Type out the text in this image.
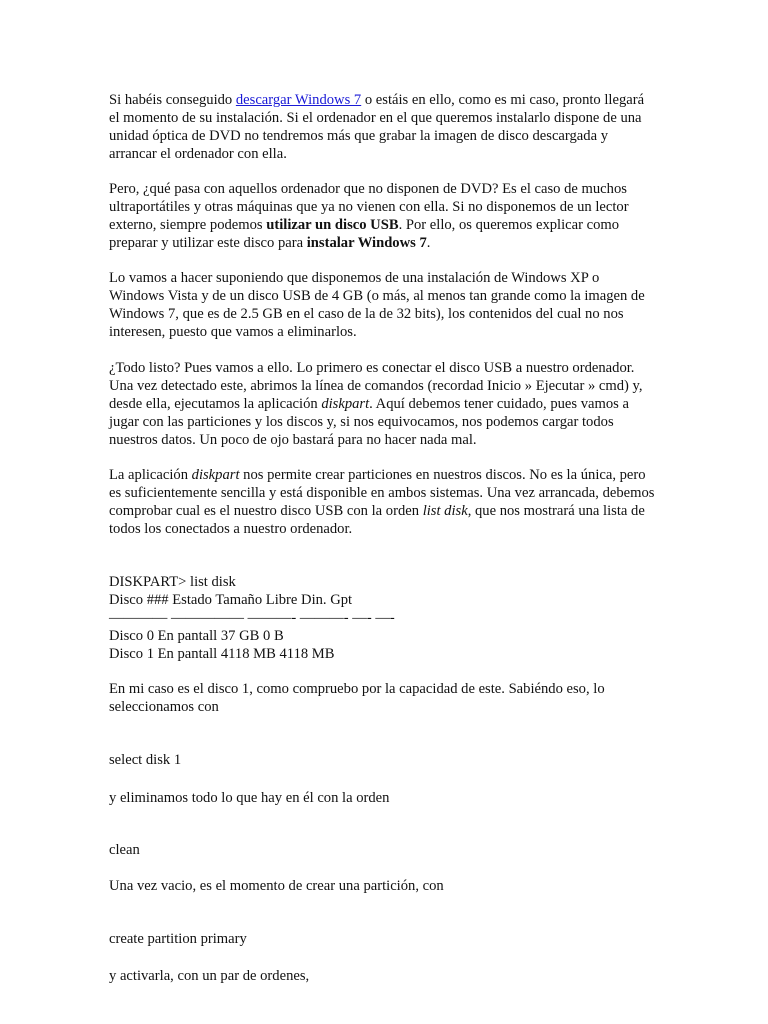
Si habéis conseguido descargar Windows 7 o estáis en ello, como es mi caso, pronto llegará el momento de su instalación. Si el ordenador en el que queremos instalarlo dispone de una unidad óptica de DVD no tendremos más que grabar la imagen de disco descargada y arrancar el ordenador con ella.

Pero, ¿qué pasa con aquellos ordenador que no disponen de DVD? Es el caso de muchos ultraportátiles y otras máquinas que ya no vienen con ella. Si no disponemos de un lector externo, siempre podemos utilizar un disco USB. Por ello, os queremos explicar como preparar y utilizar este disco para instalar Windows 7.

Lo vamos a hacer suponiendo que disponemos de una instalación de Windows XP o Windows Vista y de un disco USB de 4 GB (o más, al menos tan grande como la imagen de Windows 7, que es de 2.5 GB en el caso de la de 32 bits), los contenidos del cual no nos interesen, puesto que vamos a eliminarlos.

¿Todo listo? Pues vamos a ello. Lo primero es conectar el disco USB a nuestro ordenador. Una vez detectado este, abrimos la línea de comandos (recordad Inicio » Ejecutar » cmd) y, desde ella, ejecutamos la aplicación diskpart. Aquí debemos tener cuidado, pues vamos a jugar con las particiones y los discos y, si nos equivocamos, nos podemos cargar todos nuestros datos. Un poco de ojo bastará para no hacer nada mal.

La aplicación diskpart nos permite crear particiones en nuestros discos. No es la única, pero es suficientemente sencilla y está disponible en ambos sistemas. Una vez arrancada, debemos comprobar cual es el nuestro disco USB con la orden list disk, que nos mostrará una lista de todos los conectados a nuestro ordenador.

DISKPART> list disk
Disco ### Estado Tamaño Libre Din. Gpt
———— ————— ———- ———- —- —-
Disco 0 En pantall 37 GB 0 B
Disco 1 En pantall 4118 MB 4118 MB

En mi caso es el disco 1, como compruebo por la capacidad de este. Sabiéndo eso, lo seleccionamos con

select disk 1

y eliminamos todo lo que hay en él con la orden

clean

Una vez vacio, es el momento de crear una partición, con

create partition primary

y activarla, con un par de ordenes,
